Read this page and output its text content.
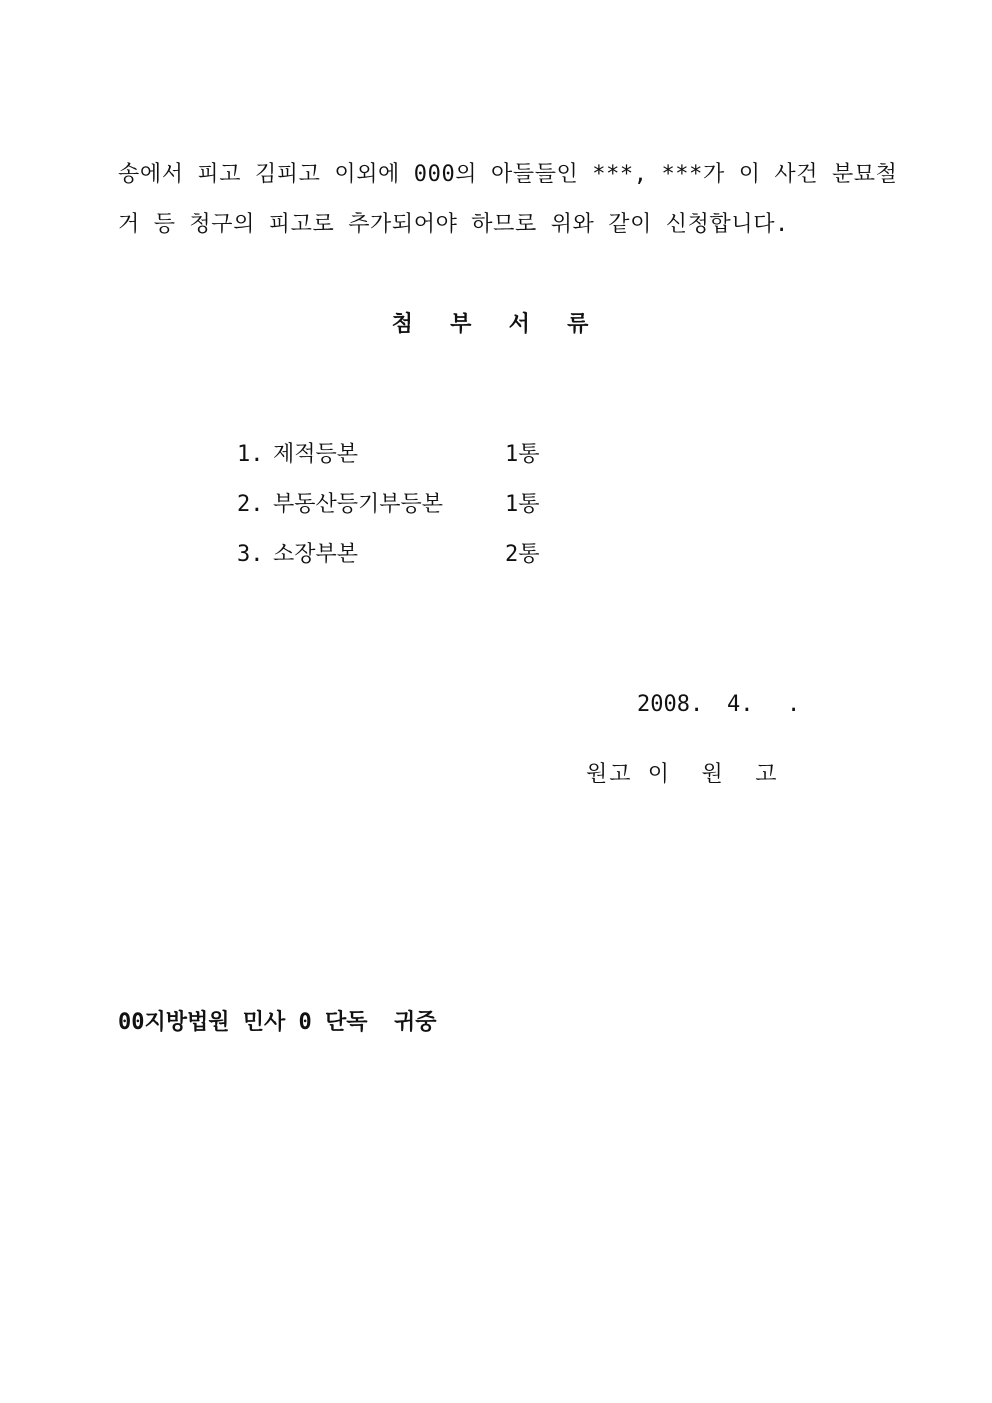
송에서 피고 김피고 이외에 000의 아들들인 ***, ***가 이 사건 분묘철
거 등 청구의 피고로 추가되어야 하므로 위와 같이 신청합니다.
첨 부 서 류

1. 제적등본	1통

2. 부동산등기부등본	1통

3. 소장부본	2통

2008. 4. .

원고 이  원  고
00지방법원 민사 0 단독  귀중
